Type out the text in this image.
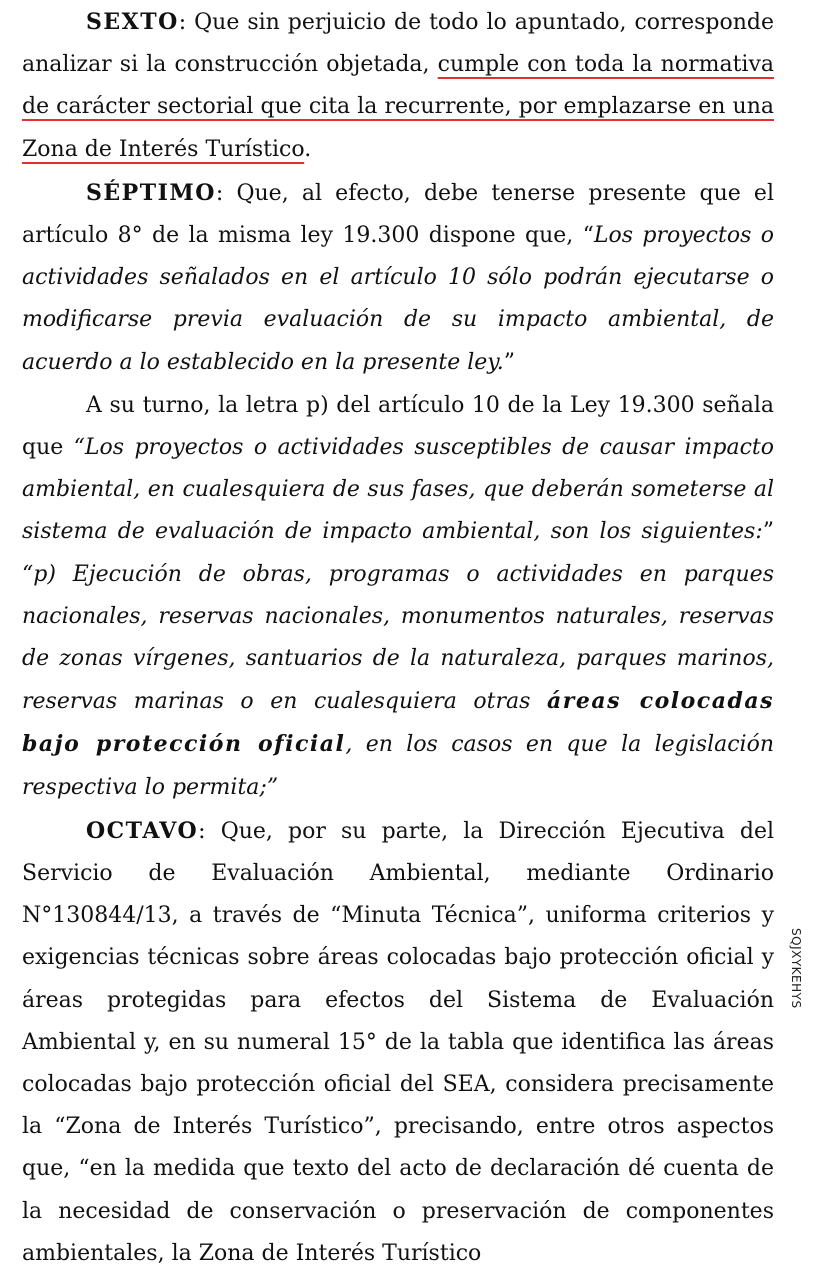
SEXTO: Que sin perjuicio de todo lo apuntado, corresponde analizar si la construcción objetada, cumple con toda la normativa de carácter sectorial que cita la recurrente, por emplazarse en una Zona de Interés Turístico.

SÉPTIMO: Que, al efecto, debe tenerse presente que el artículo 8° de la misma ley 19.300 dispone que, “Los proyectos o actividades señalados en el artículo 10 sólo podrán ejecutarse o modificarse previa evaluación de su impacto ambiental, de acuerdo a lo establecido en la presente ley.”

A su turno, la letra p) del artículo 10 de la Ley 19.300 señala que “Los proyectos o actividades susceptibles de causar impacto ambiental, en cualesquiera de sus fases, que deberán someterse al sistema de evaluación de impacto ambiental, son los siguientes:” “p) Ejecución de obras, programas o actividades en parques nacionales, reservas nacionales, monumentos naturales, reservas de zonas vírgenes, santuarios de la naturaleza, parques marinos, reservas marinas o en cualesquiera otras áreas colocadas bajo protección oficial, en los casos en que la legislación respectiva lo permita;”

OCTAVO: Que, por su parte, la Dirección Ejecutiva del Servicio de Evaluación Ambiental, mediante Ordinario N°130844/13, a través de “Minuta Técnica”, uniforma criterios y exigencias técnicas sobre áreas colocadas bajo protección oficial y áreas protegidas para efectos del Sistema de Evaluación Ambiental y, en su numeral 15° de la tabla que identifica las áreas colocadas bajo protección oficial del SEA, considera precisamente la “Zona de Interés Turístico”, precisando, entre otros aspectos que, “en la medida que texto del acto de declaración dé cuenta de la necesidad de conservación o preservación de componentes ambientales, la Zona de Interés Turístico

SQJXYKEHYS
